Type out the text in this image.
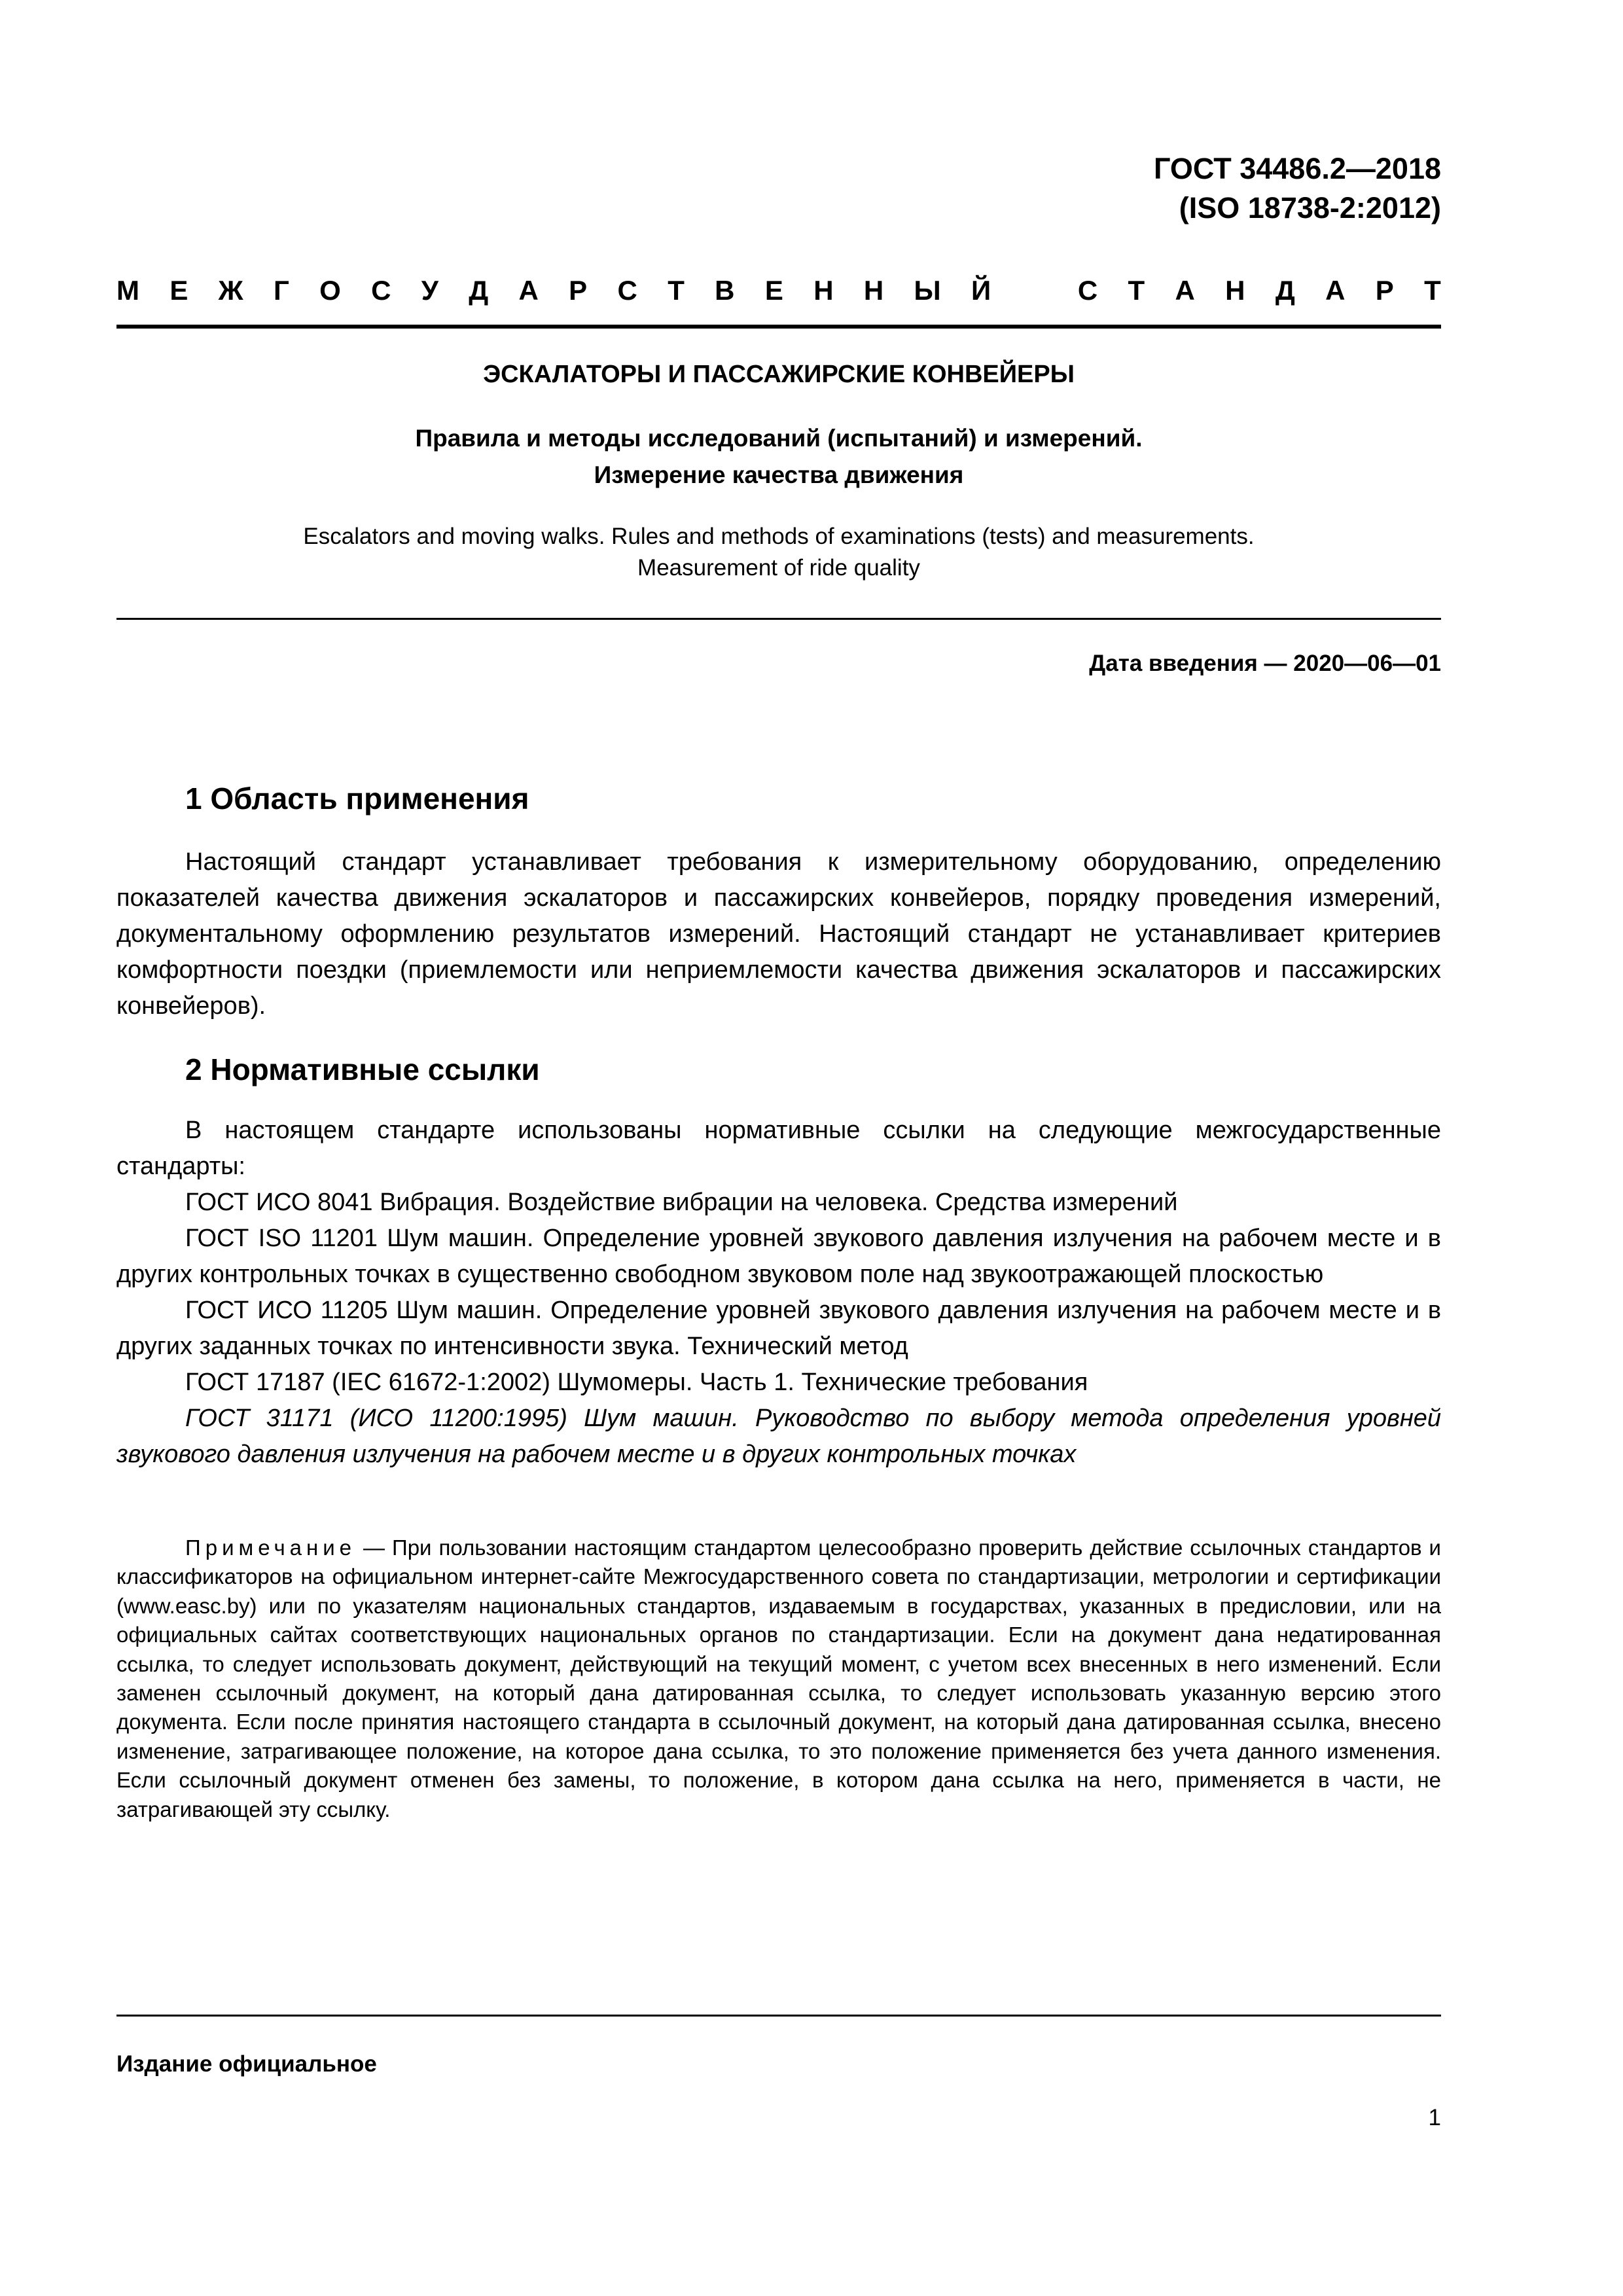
ГОСТ 34486.2—2018
(ISO 18738-2:2012)
М Е Ж Г О С У Д А Р С Т В Е Н Н Ы Й	С Т А Н Д А Р Т
ЭСКАЛАТОРЫ И ПАССАЖИРСКИЕ КОНВЕЙЕРЫ
Правила и методы исследований (испытаний) и измерений.
Измерение качества движения
Escalators and moving walks. Rules and methods of examinations (tests) and measurements.
Measurement of ride quality
Дата введения — 2020—06—01
1 Область применения

Настоящий стандарт устанавливает требования к измерительному оборудованию, определению показателей качества движения эскалаторов и пассажирских конвейеров, порядку проведения измерений, документальному оформлению результатов измерений. Настоящий стандарт не устанавливает критериев комфортности поездки (приемлемости или неприемлемости качества движения эскалаторов и пассажирских конвейеров).

2 Нормативные ссылки

В настоящем стандарте использованы нормативные ссылки на следующие межгосударственные стандарты:

ГОСТ ИСО 8041 Вибрация. Воздействие вибрации на человека. Средства измерений

ГОСТ ISO 11201 Шум машин. Определение уровней звукового давления излучения на рабочем месте и в других контрольных точках в существенно свободном звуковом поле над звукоотражающей плоскостью

ГОСТ ИСО 11205 Шум машин. Определение уровней звукового давления излучения на рабочем месте и в других заданных точках по интенсивности звука. Технический метод

ГОСТ 17187 (IEC 61672-1:2002) Шумомеры. Часть 1. Технические требования

ГОСТ 31171 (ИСО 11200:1995) Шум машин. Руководство по выбору метода определения уровней звукового давления излучения на рабочем месте и в других контрольных точках

Примечание — При пользовании настоящим стандартом целесообразно проверить действие ссылочных стандартов и классификаторов на официальном интернет-сайте Межгосударственного совета по стандартизации, метрологии и сертификации (www.easc.by) или по указателям национальных стандартов, издаваемым в государствах, указанных в предисловии, или на официальных сайтах соответствующих национальных органов по стандартизации. Если на документ дана недатированная ссылка, то следует использовать документ, действующий на текущий момент, с учетом всех внесенных в него изменений. Если заменен ссылочный документ, на который дана датированная ссылка, то следует использовать указанную версию этого документа. Если после принятия настоящего стандарта в ссылочный документ, на который дана датированная ссылка, внесено изменение, затрагивающее положение, на которое дана ссылка, то это положение применяется без учета данного изменения. Если ссылочный документ отменен без замены, то положение, в котором дана ссылка на него, применяется в части, не затрагивающей эту ссылку.

Издание официальное
1
